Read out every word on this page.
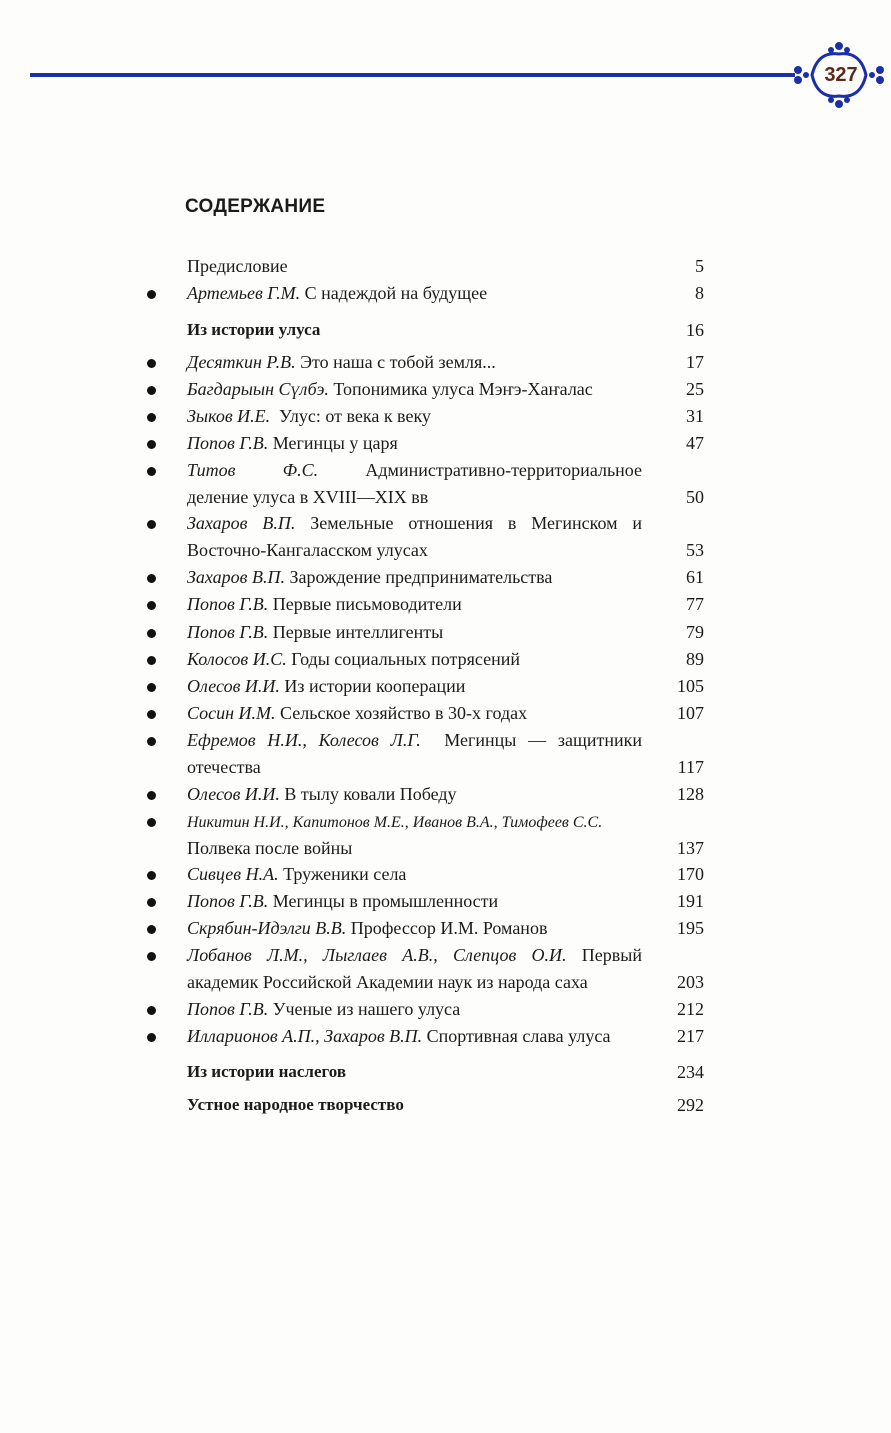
327
СОДЕРЖАНИЕ
Предисловие	5
Артемьев Г.М. С надеждой на будущее	8
Из истории улуса	16
Десяткин Р.В. Это наша с тобой земля...	17
Багдарыын Сүлбэ. Топонимика улуса Мэҥэ-Хаҥалас	25
Зыков И.Е.  Улус: от века к веку	31
Попов Г.В. Мегинцы у царя	47
Титов Ф.С. Административно-территориальное
деление улуса в XVIII—XIX вв	50
Захаров В.П. Земельные отношения в Мегинском и
Восточно-Кангаласском улусах	53
Захаров В.П. Зарождение предпринимательства	61
Попов Г.В. Первые письмоводители	77
Попов Г.В. Первые интеллигенты	79
Колосов И.С. Годы социальных потрясений	89
Олесов И.И. Из истории кооперации	105
Сосин И.М. Сельское хозяйство в 30-х годах	107
Ефремов Н.И., Колесов Л.Г.  Мегинцы — защитники
отечества	117
Олесов И.И. В тылу ковали Победу	128
Никитин Н.И., Капитонов М.Е., Иванов В.А., Тимофеев С.С.
Полвека после войны	137
Сивцев Н.А. Труженики села	170
Попов Г.В. Мегинцы в промышленности	191
Скрябин-Идэлги В.В. Профессор И.М. Романов	195
Лобанов Л.М., Лыглаев А.В., Слепцов О.И. Первый
академик Российской Академии наук из народа саха	203
Попов Г.В. Ученые из нашего улуса	212
Илларионов А.П., Захаров В.П. Спортивная слава улуса	217
Из истории наслегов	234
Устное народное творчество	292
